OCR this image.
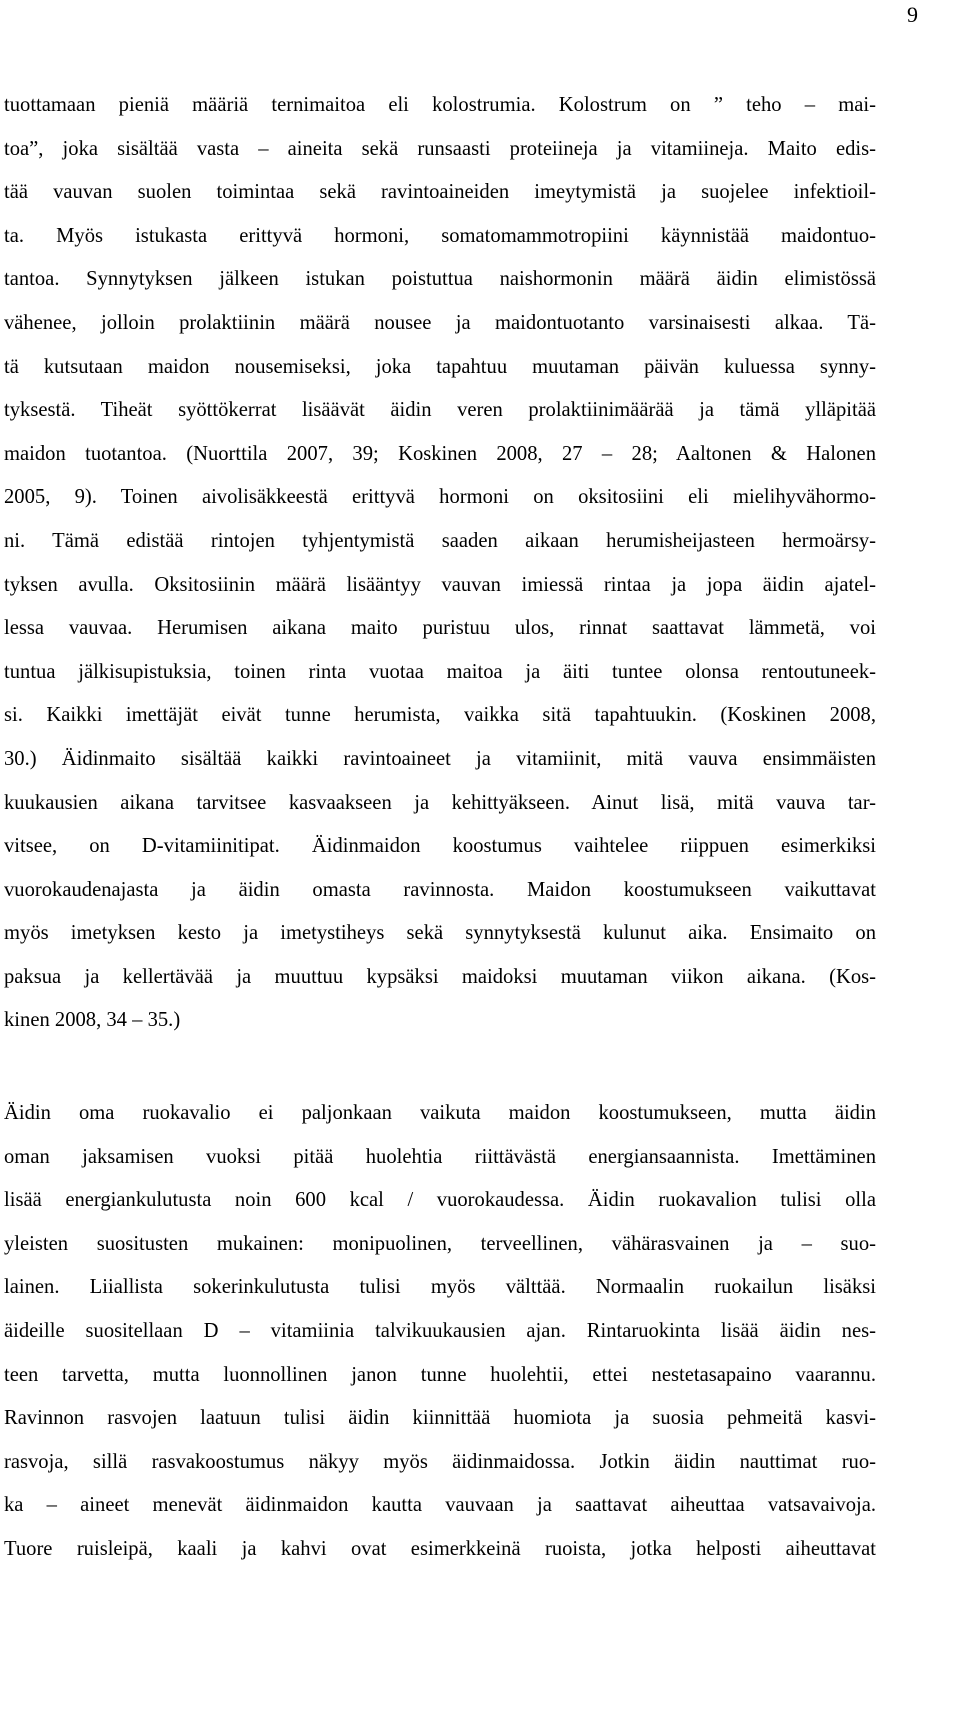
9
tuottamaan pieniä määriä ternimaitoa eli kolostrumia. Kolostrum on ” teho – mai-
toa”, joka sisältää vasta – aineita sekä runsaasti proteiineja ja vitamiineja. Maito edis-
tää vauvan suolen toimintaa sekä ravintoaineiden imeytymistä ja suojelee infektioil-
ta. Myös istukasta erittyvä hormoni, somatomammotropiini käynnistää maidontuo-
tantoa. Synnytyksen jälkeen istukan poistuttua naishormonin määrä äidin elimistössä
vähenee, jolloin prolaktiinin määrä nousee ja maidontuotanto varsinaisesti alkaa. Tä-
tä kutsutaan maidon nousemiseksi, joka tapahtuu muutaman päivän kuluessa synny-
tyksestä. Tiheät syöttökerrat lisäävät äidin veren prolaktiinimäärää ja tämä ylläpitää
maidon tuotantoa. (Nuorttila 2007, 39; Koskinen 2008, 27 – 28; Aaltonen & Halonen
2005, 9). Toinen aivolisäkkeestä erittyvä hormoni on oksitosiini eli mielihyvähormo-
ni. Tämä edistää rintojen tyhjentymistä saaden aikaan herumisheijasteen hermoärsy-
tyksen avulla. Oksitosiinin määrä lisääntyy vauvan imiessä rintaa ja jopa äidin ajatel-
lessa vauvaa. Herumisen aikana maito puristuu ulos, rinnat saattavat lämmetä, voi
tuntua jälkisupistuksia, toinen rinta vuotaa maitoa ja äiti tuntee olonsa rentoutuneek-
si. Kaikki imettäjät eivät tunne herumista, vaikka sitä tapahtuukin. (Koskinen 2008,
30.) Äidinmaito sisältää kaikki ravintoaineet ja vitamiinit, mitä vauva ensimmäisten
kuukausien aikana tarvitsee kasvaakseen ja kehittyäkseen. Ainut lisä, mitä vauva tar-
vitsee, on D-vitamiinitipat. Äidinmaidon koostumus vaihtelee riippuen esimerkiksi
vuorokaudenajasta ja äidin omasta ravinnosta. Maidon koostumukseen vaikuttavat
myös imetyksen kesto ja imetystiheys sekä synnytyksestä kulunut aika. Ensimaito on
paksua ja kellertävää ja muuttuu kypsäksi maidoksi muutaman viikon aikana. (Kos-
kinen 2008, 34 – 35.)
Äidin oma ruokavalio ei paljonkaan vaikuta maidon koostumukseen, mutta äidin
oman jaksamisen vuoksi pitää huolehtia riittävästä energiansaannista. Imettäminen
lisää energiankulutusta noin 600 kcal / vuorokaudessa. Äidin ruokavalion tulisi olla
yleisten suositusten mukainen: monipuolinen, terveellinen, vähärasvainen ja – suo-
lainen. Liiallista sokerinkulutusta tulisi myös välttää. Normaalin ruokailun lisäksi
äideille suositellaan D – vitamiinia talvikuukausien ajan. Rintaruokinta lisää äidin nes-
teen tarvetta, mutta luonnollinen janon tunne huolehtii, ettei nestetasapaino vaarannu.
Ravinnon rasvojen laatuun tulisi äidin kiinnittää huomiota ja suosia pehmeitä kasvi-
rasvoja, sillä rasvakoostumus näkyy myös äidinmaidossa. Jotkin äidin nauttimat ruo-
ka – aineet menevät äidinmaidon kautta vauvaan ja saattavat aiheuttaa vatsavaivoja.
Tuore ruisleipä, kaali ja kahvi ovat esimerkkeinä ruoista, jotka helposti aiheuttavat
